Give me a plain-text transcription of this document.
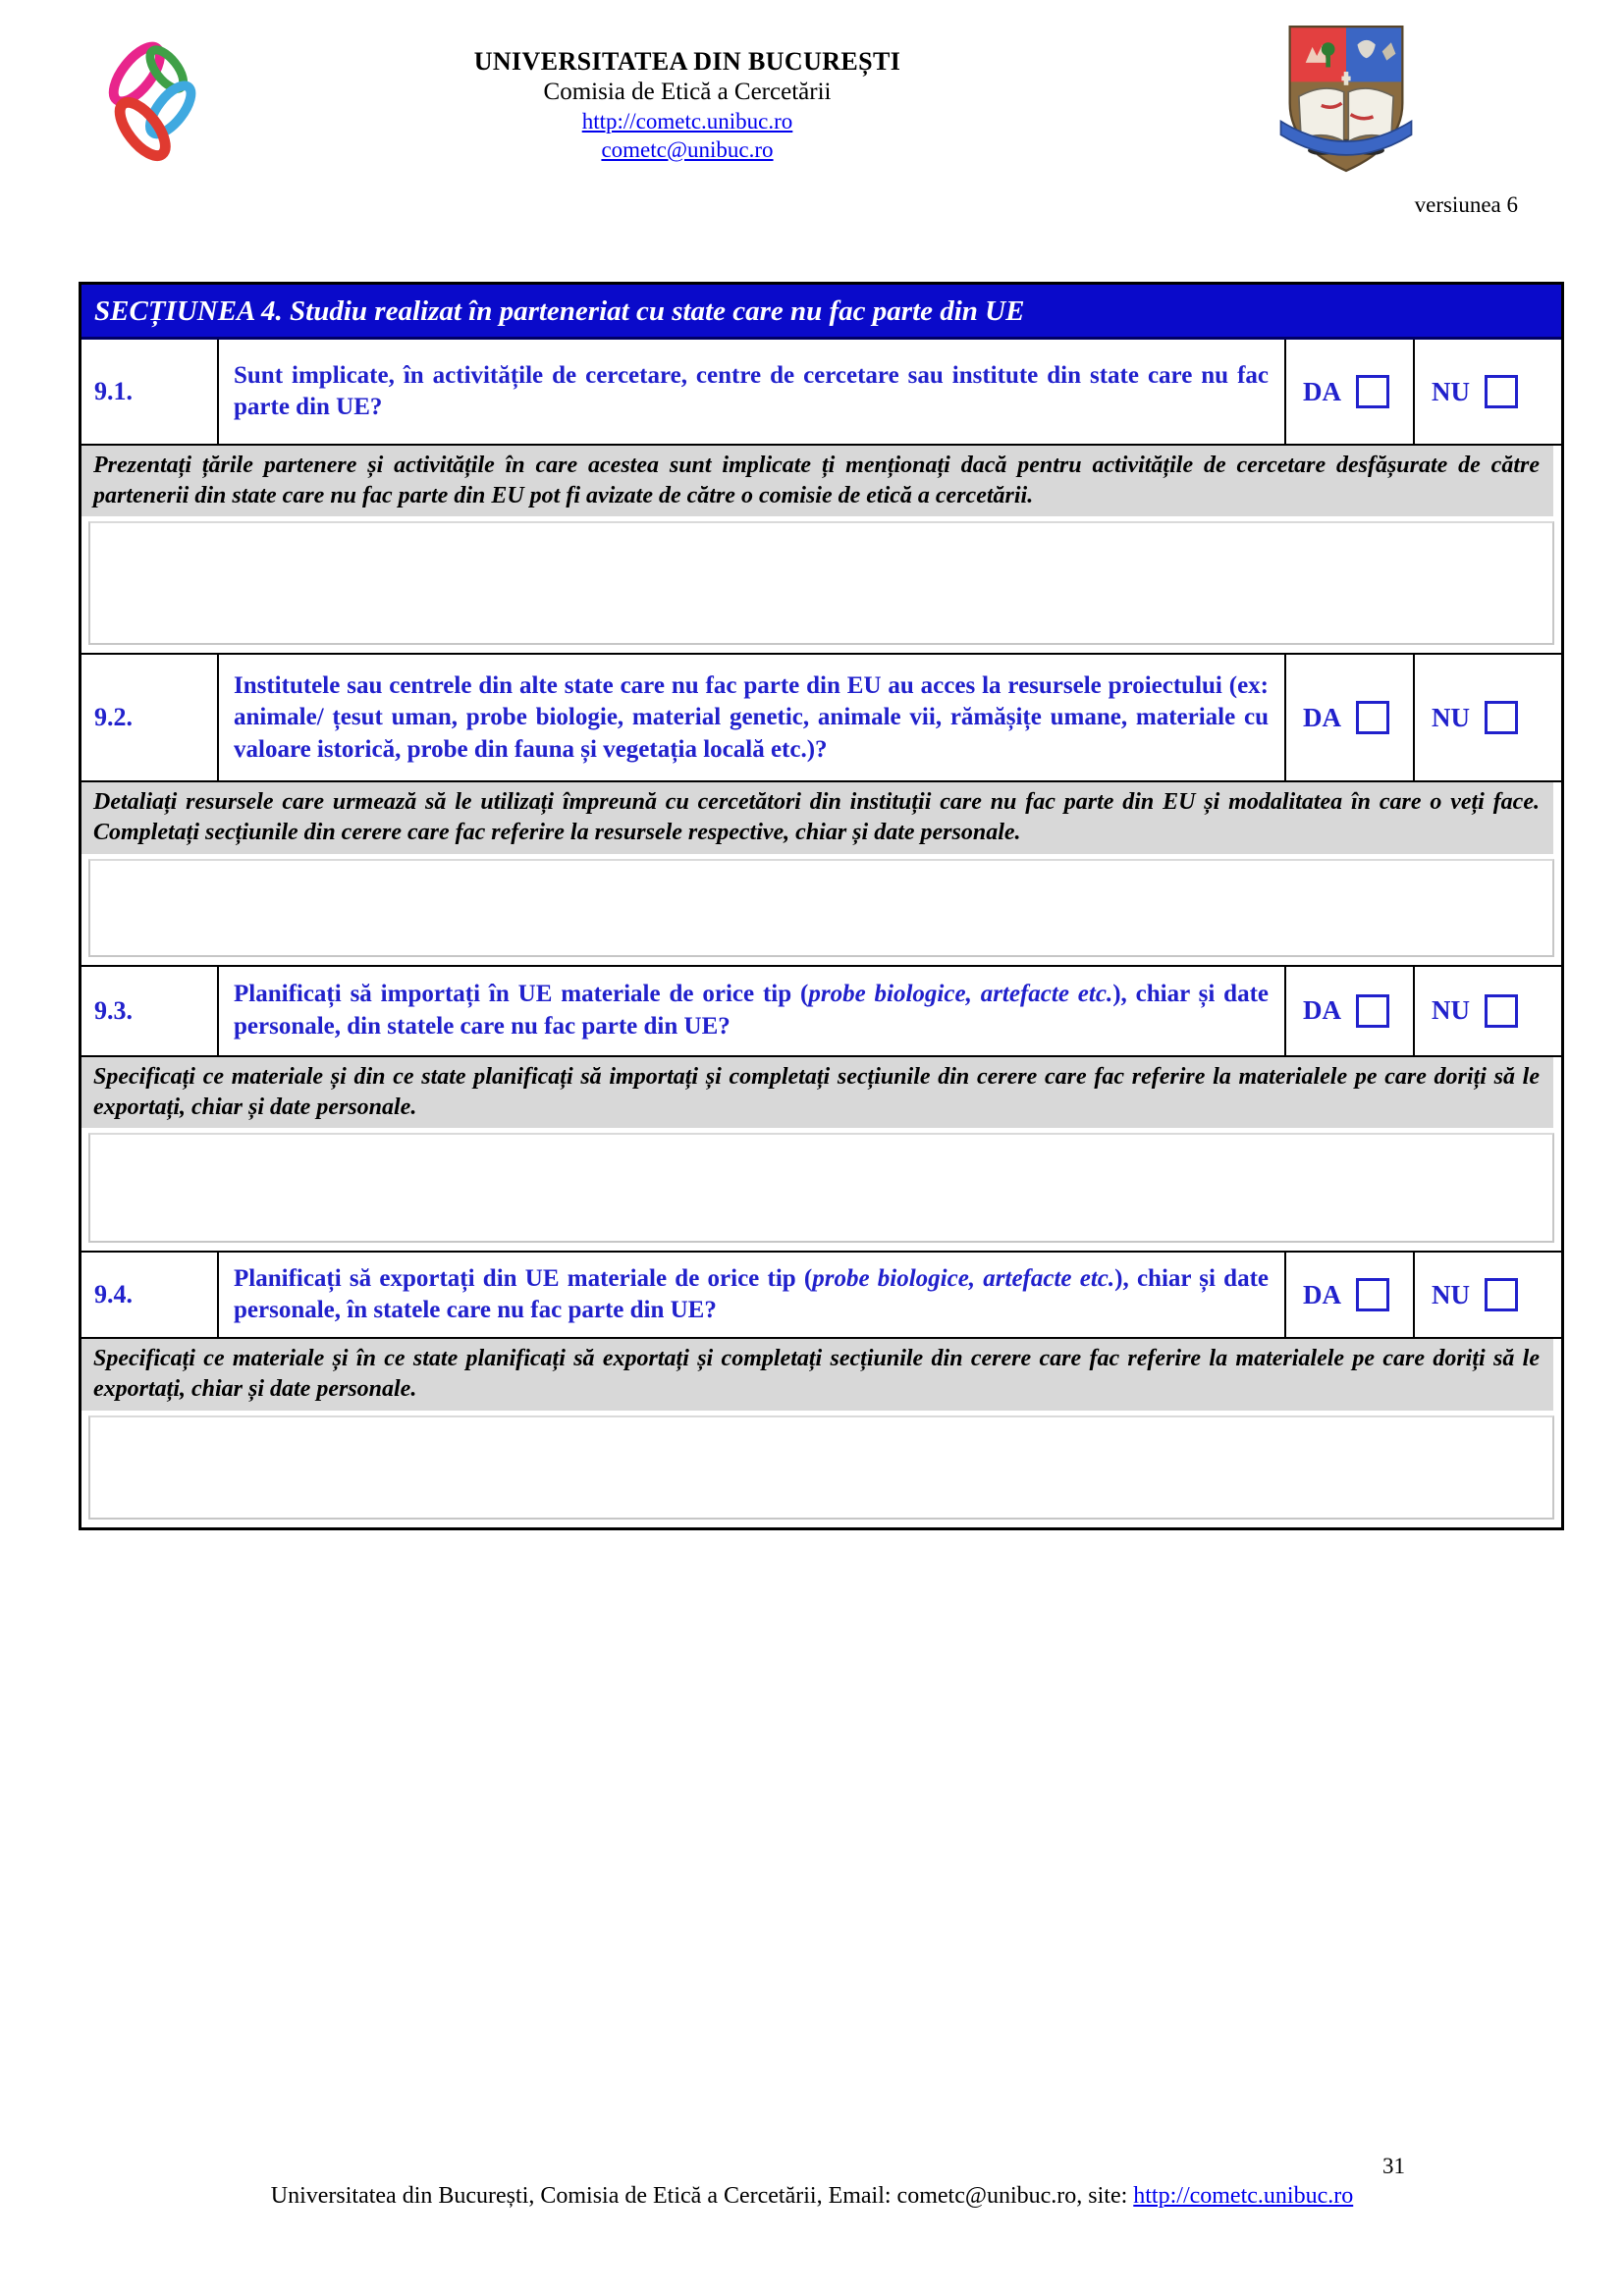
UNIVERSITATEA DIN BUCUREȘTI
Comisia de Etică a Cercetării
http://cometc.unibuc.ro
cometc@unibuc.ro
versiunea 6
SECȚIUNEA 4. Studiu realizat în parteneriat cu state care nu fac parte din UE
9.1.
Sunt implicate, în activitățile de cercetare, centre de cercetare sau institute din state care nu fac parte din UE?
DA	NU
Prezentați țările partenere și activitățile în care acestea sunt implicate ți menționați dacă pentru activitățile de cercetare desfășurate de către partenerii din state care nu fac parte din EU pot fi avizate de către o comisie de etică a cercetării.
9.2.
Institutele sau centrele din alte state care nu fac parte din EU au acces la resursele proiectului (ex: animale/ țesut uman, probe biologie, material genetic, animale vii, rămășițe umane, materiale cu valoare istorică, probe din fauna și vegetația locală etc.)?
DA	NU
Detaliați resursele care urmează să le utilizați împreună cu cercetători din instituții care nu fac parte din EU și modalitatea în care o veți face. Completați secțiunile din cerere care fac referire la resursele respective, chiar și date personale.
9.3.
Planificați să importați în UE materiale de orice tip (probe biologice, artefacte etc.), chiar și date personale, din statele care nu fac parte din UE?
DA	NU
Specificați ce materiale și din ce state planificați să importați și completați secțiunile din cerere care fac referire la materialele pe care doriți să le exportați, chiar și date personale.
9.4.
Planificați să exportați din UE materiale de orice tip (probe biologice, artefacte etc.), chiar și date personale, în statele care nu fac parte din UE?
DA	NU
Specificați ce materiale și în ce state planificați să exportați și completați secțiunile din cerere care fac referire la materialele pe care doriți să le exportați, chiar și date personale.
31
Universitatea din București, Comisia de Etică a Cercetării, Email: cometc@unibuc.ro, site: http://cometc.unibuc.ro
